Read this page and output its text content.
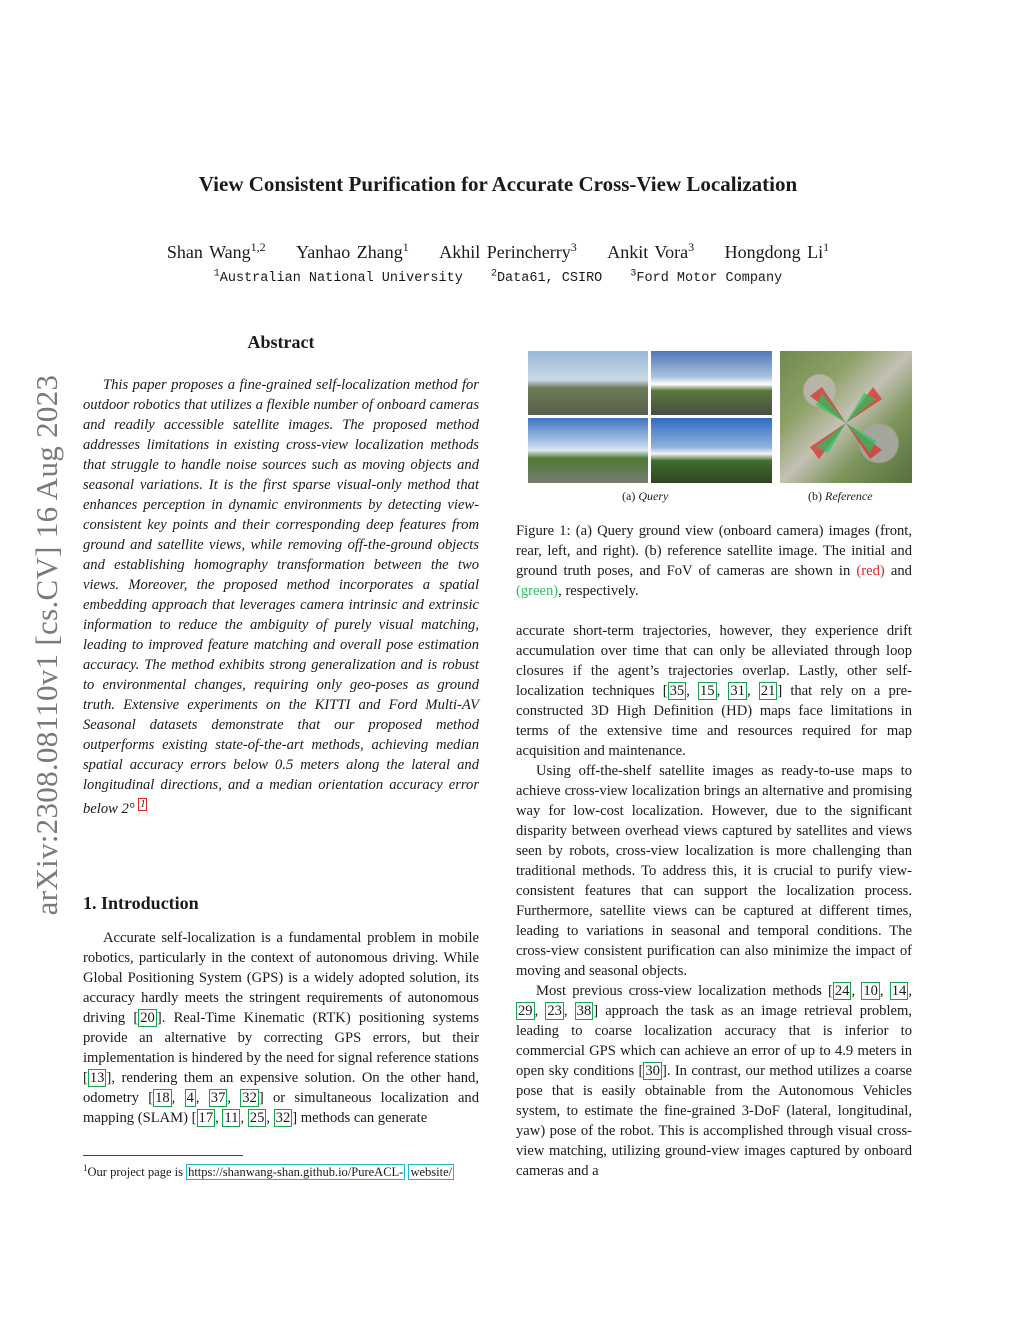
arXiv:2308.08110v1 [cs.CV] 16 Aug 2023
View Consistent Purification for Accurate Cross-View Localization
Shan Wang$^{1,2}$ Yanhao Zhang$^1$ Akhil Perincherry$^3$ Ankit Vora$^3$ Hongdong Li$^1$
$^1$Australian National University	$^2$Data61, CSIRO	$^3$Ford Motor Company
Abstract

This paper proposes a fine-grained self-localization method for outdoor robotics that utilizes a flexible number of onboard cameras and readily accessible satellite images. The proposed method addresses limitations in existing cross-view localization methods that struggle to handle noise sources such as moving objects and seasonal variations. It is the first sparse visual-only method that enhances perception in dynamic environments by detecting view-consistent key points and their corresponding deep features from ground and satellite views, while removing off-the-ground objects and establishing homography transformation between the two views. Moreover, the proposed method incorporates a spatial embedding approach that leverages camera intrinsic and extrinsic information to reduce the ambiguity of purely visual matching, leading to improved feature matching and overall pose estimation accuracy. The method exhibits strong generalization and is robust to environmental changes, requiring only geo-poses as ground truth. Extensive experiments on the KITTI and Ford Multi-AV Seasonal datasets demonstrate that our proposed method outperforms existing state-of-the-art methods, achieving median spatial accuracy errors below 0.5 meters along the lateral and longitudinal directions, and a median orientation accuracy error below 2° $^1$

1. Introduction

Accurate self-localization is a fundamental problem in mobile robotics, particularly in the context of autonomous driving. While Global Positioning System (GPS) is a widely adopted solution, its accuracy hardly meets the stringent requirements of autonomous driving [ 20 ]. Real-Time Kinematic (RTK) positioning systems provide an alternative by correcting GPS errors, but their implementation is hindered by the need for signal reference stations [ 13 ], rendering them an expensive solution. On the other hand, odometry [ 18 , 4 , 37 , 32 ] or simultaneous localization and mapping (SLAM) [ 17 , 11 , 25 , 32 ] methods can generate

$^1$Our project page is https://shanwang-shan.github.io/PureACL- website/
(a) Query	(b) Reference

Figure 1: (a) Query ground view (onboard camera) images (front, rear, left, and right). (b) reference satellite image. The initial and ground truth poses, and FoV of cameras are shown in (red) and (green), respectively.

accurate short-term trajectories, however, they experience drift accumulation over time that can only be alleviated through loop closures if the agent’s trajectories overlap. Lastly, other self-localization techniques [ 35 , 15 , 31 , 21 ] that rely on a pre-constructed 3D High Definition (HD) maps face limitations in terms of the extensive time and resources required for map acquisition and maintenance.

Using off-the-shelf satellite images as ready-to-use maps to achieve cross-view localization brings an alternative and promising way for low-cost localization. However, due to the significant disparity between overhead views captured by satellites and views seen by robots, cross-view localization is more challenging than traditional methods. To address this, it is crucial to purify view-consistent features that can support the localization process. Furthermore, satellite views can be captured at different times, leading to variations in seasonal and temporal conditions. The cross-view consistent purification can also minimize the impact of moving and seasonal objects.

Most previous cross-view localization methods [ 24 , 10 , 14 , 29 , 23 , 38 ] approach the task as an image retrieval problem, leading to coarse localization accuracy that is inferior to commercial GPS which can achieve an error of up to 4.9 meters in open sky conditions [ 30 ]. In contrast, our method utilizes a coarse pose that is easily obtainable from the Autonomous Vehicles system, to estimate the fine-grained 3-DoF (lateral, longitudinal, yaw) pose of the robot. This is accomplished through visual cross-view matching, utilizing ground-view images captured by onboard cameras and a
